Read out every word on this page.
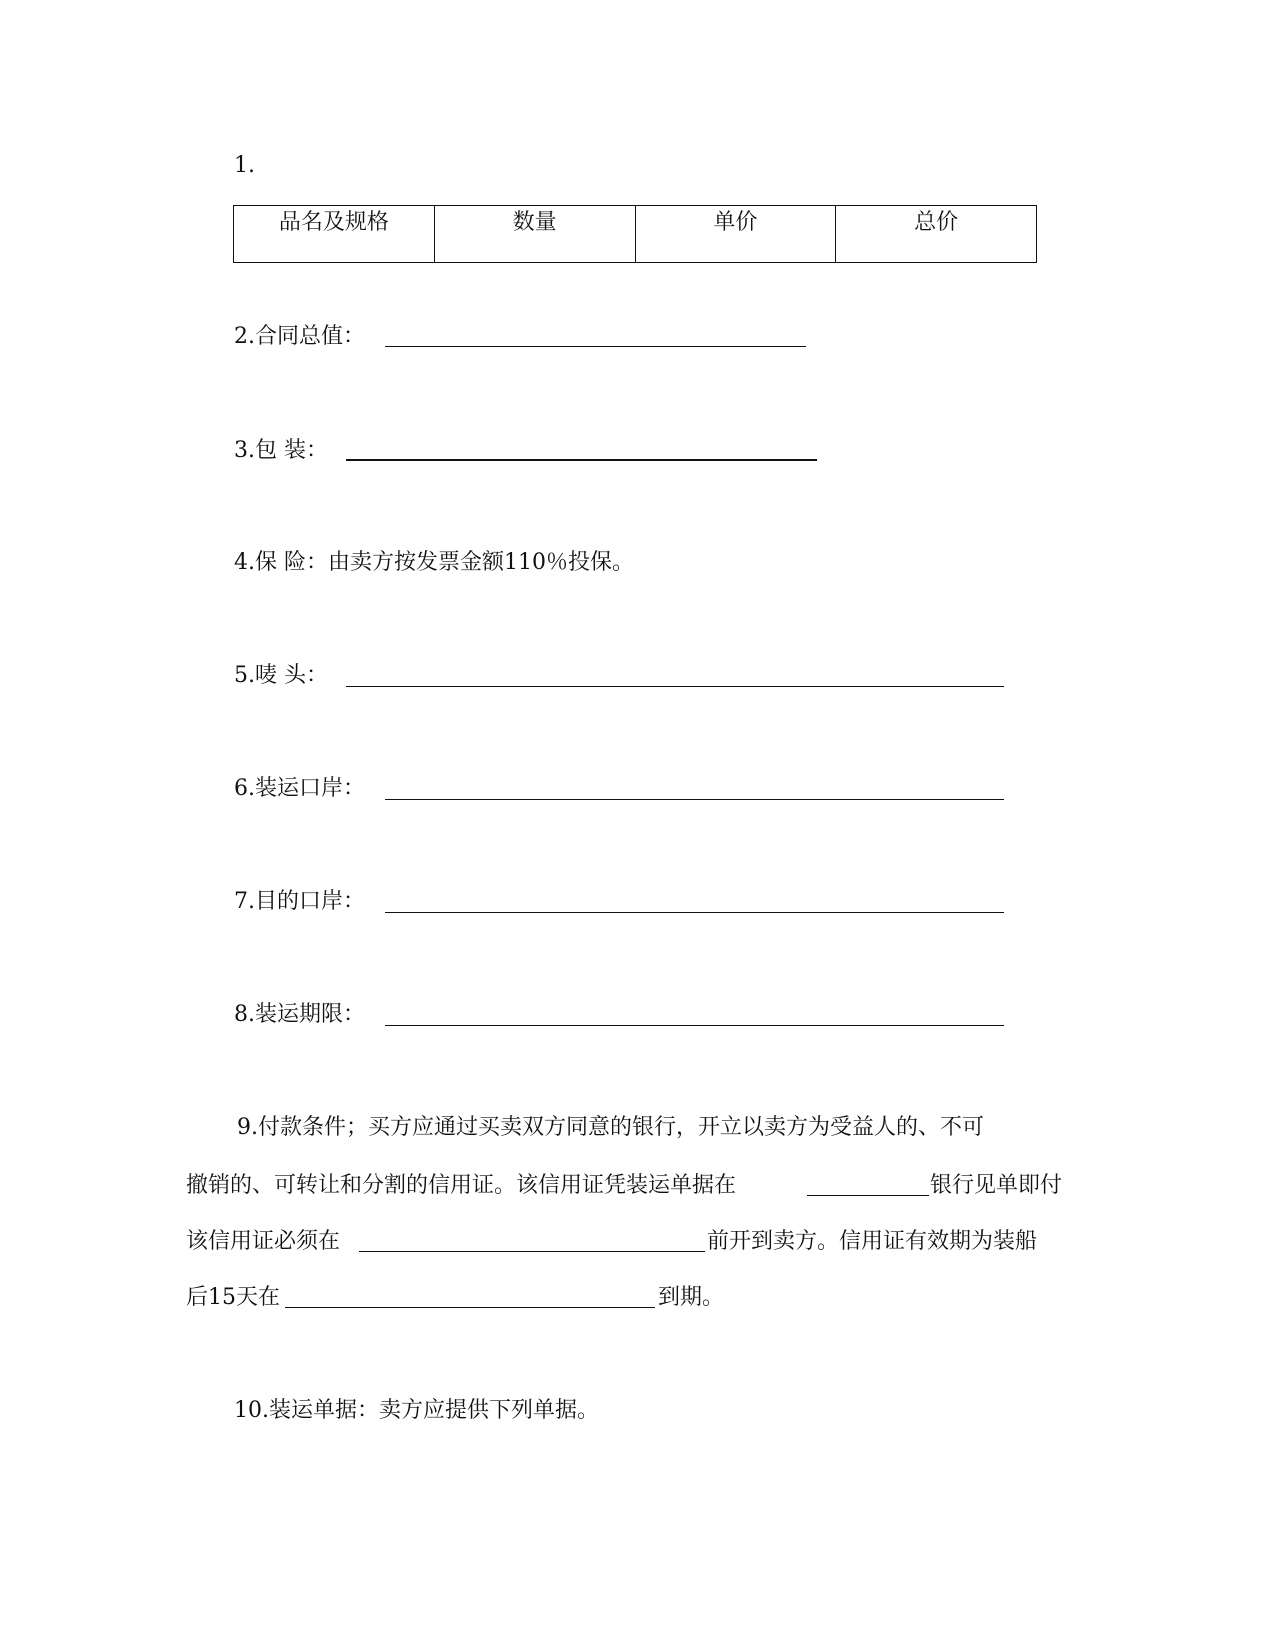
1.
品名及规格	数量	单价	总价
2.合同总值：
3.包 装：
4.保 险：由卖方按发票金额110％投保。
5.唛 头：
6.装运口岸：
7.目的口岸：
8.装运期限：
9.付款条件；买方应通过买卖双方同意的银行，开立以卖方为受益人的、不可
撤销的、可转让和分割的信用证。该信用证凭装运单据在	银行见单即付
该信用证必须在	前开到卖方。信用证有效期为装船
后15天在	到期。
10.装运单据：卖方应提供下列单据。
